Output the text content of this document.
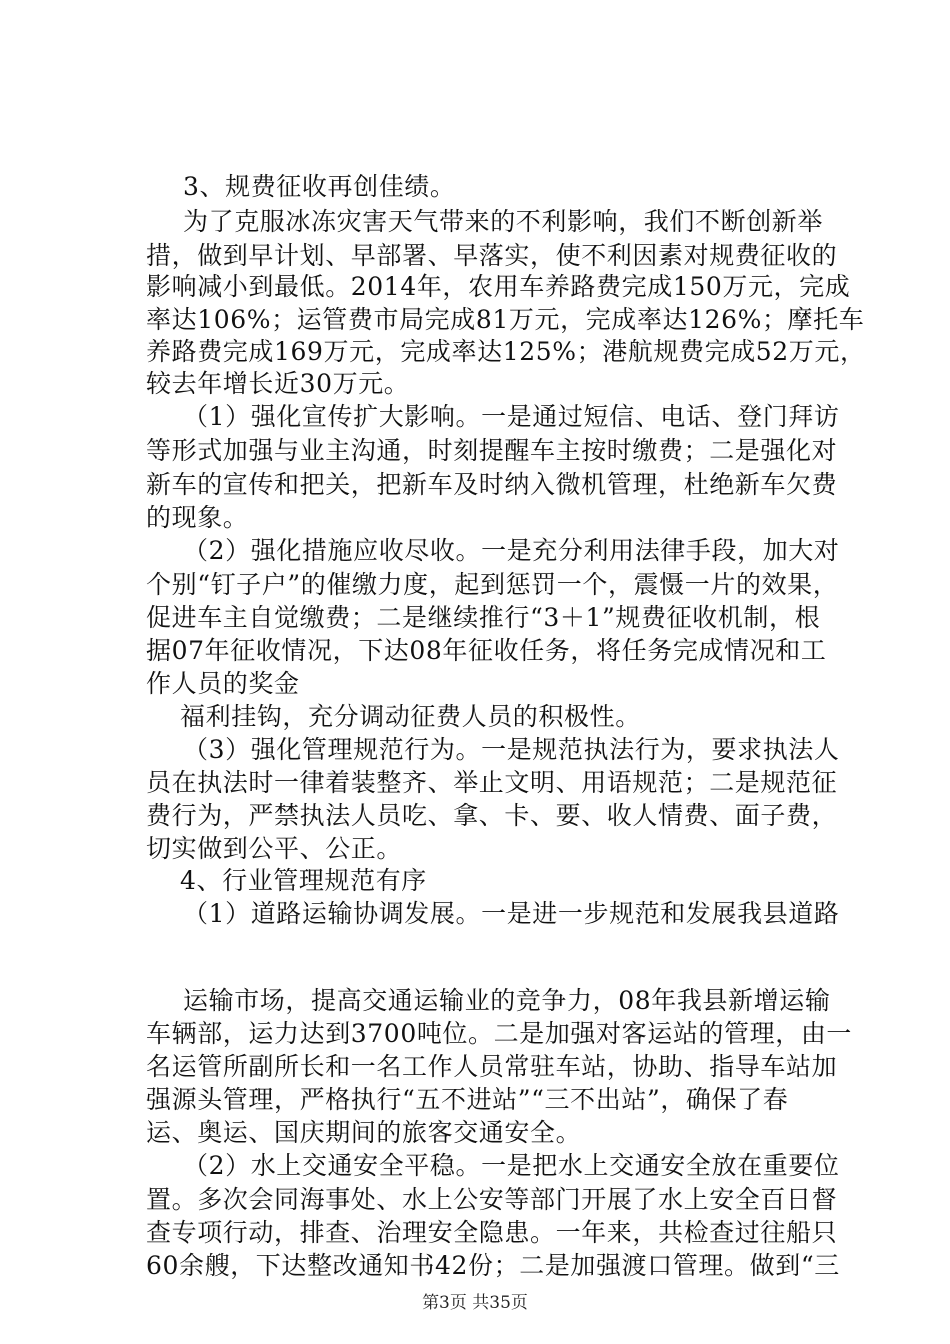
3、规费征收再创佳绩。
为了克服冰冻灾害天气带来的不利影响，我们不断创新举
措，做到早计划、早部署、早落实，使不利因素对规费征收的
影响减小到最低。2014年，农用车养路费完成150万元，完成
率达106%；运管费市局完成81万元，完成率达126%；摩托车
养路费完成169万元，完成率达125%；港航规费完成52万元，
较去年增长近30万元。
（1）强化宣传扩大影响。一是通过短信、电话、登门拜访
等形式加强与业主沟通，时刻提醒车主按时缴费；二是强化对
新车的宣传和把关，把新车及时纳入微机管理，杜绝新车欠费
的现象。
（2）强化措施应收尽收。一是充分利用法律手段，加大对
个别“钉子户”的催缴力度，起到惩罚一个，震慑一片的效果，
促进车主自觉缴费；二是继续推行“3＋1”规费征收机制，根
据07年征收情况，下达08年征收任务，将任务完成情况和工
作人员的奖金
福利挂钩，充分调动征费人员的积极性。
（3）强化管理规范行为。一是规范执法行为，要求执法人
员在执法时一律着装整齐、举止文明、用语规范；二是规范征
费行为，严禁执法人员吃、拿、卡、要、收人情费、面子费，
切实做到公平、公正。
4、行业管理规范有序
（1）道路运输协调发展。一是进一步规范和发展我县道路
运输市场，提高交通运输业的竞争力，08年我县新增运输
车辆部，运力达到3700吨位。二是加强对客运站的管理，由一
名运管所副所长和一名工作人员常驻车站，协助、指导车站加
强源头管理，严格执行“五不进站”“三不出站”，确保了春
运、奥运、国庆期间的旅客交通安全。
（2）水上交通安全平稳。一是把水上交通安全放在重要位
置。多次会同海事处、水上公安等部门开展了水上安全百日督
查专项行动，排查、治理安全隐患。一年来，共检查过往船只
60余艘，下达整改通知书42份；二是加强渡口管理。做到“三
第3页 共35页
